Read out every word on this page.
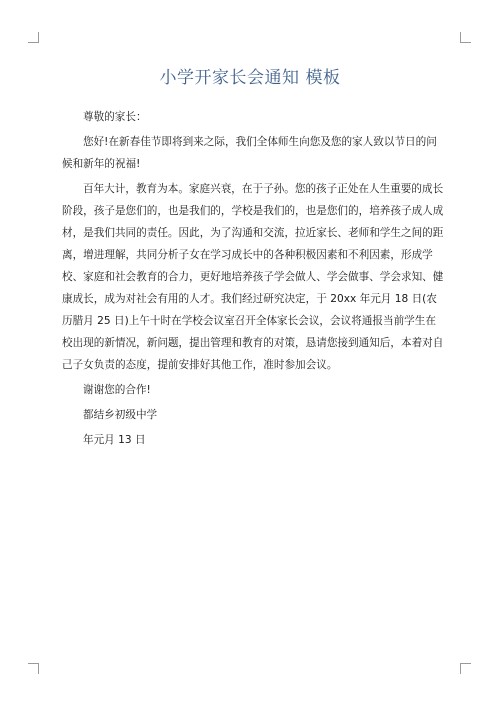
小学开家长会通知 模板

尊敬的家长：

您好!在新春佳节即将到来之际，我们全体师生向您及您的家人致以节日的问候和新年的祝福!

百年大计，教育为本。家庭兴衰，在于子孙。您的孩子正处在人生重要的成长阶段，孩子是您们的，也是我们的，学校是我们的，也是您们的，培养孩子成人成材，是我们共同的责任。因此，为了沟通和交流，拉近家长、老师和学生之间的距离，增进理解，共同分析子女在学习成长中的各种积极因素和不利因素，形成学校、家庭和社会教育的合力，更好地培养孩子学会做人、学会做事、学会求知、健康成长，成为对社会有用的人才。我们经过研究决定，于 20xx 年元月 18 日(农历腊月 25 日)上午十时在学校会议室召开全体家长会议，会议将通报当前学生在校出现的新情况，新问题，提出管理和教育的对策，恳请您接到通知后，本着对自己子女负责的态度，提前安排好其他工作，准时参加会议。

谢谢您的合作!

都结乡初级中学

年元月 13 日
